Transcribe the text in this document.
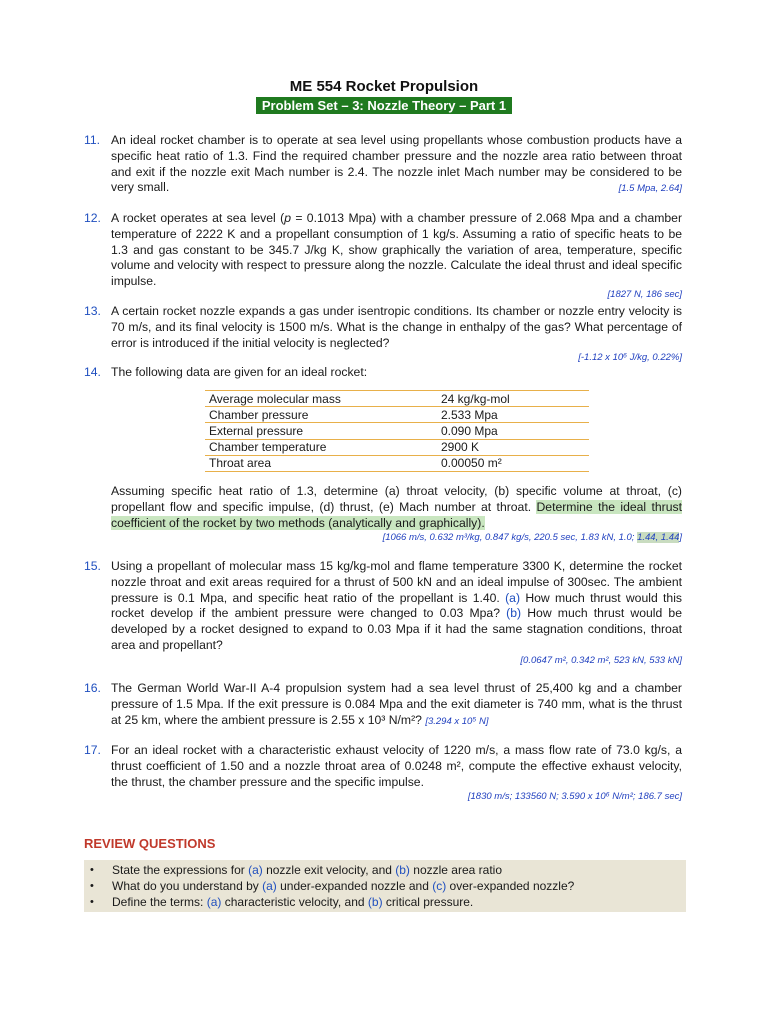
ME 554 Rocket Propulsion
Problem Set – 3: Nozzle Theory – Part 1
11. An ideal rocket chamber is to operate at sea level using propellants whose combustion products have a specific heat ratio of 1.3. Find the required chamber pressure and the nozzle area ratio between throat and exit if the nozzle exit Mach number is 2.4. The nozzle inlet Mach number may be considered to be very small.	[1.5 Mpa, 2.64]
12. A rocket operates at sea level (p = 0.1013 Mpa) with a chamber pressure of 2.068 Mpa and a chamber temperature of 2222 K and a propellant consumption of 1 kg/s. Assuming a ratio of specific heats to be 1.3 and gas constant to be 345.7 J/kg K, show graphically the variation of area, temperature, specific volume and velocity with respect to pressure along the nozzle. Calculate the ideal thrust and ideal specific impulse.
[1827 N, 186 sec]
13. A certain rocket nozzle expands a gas under isentropic conditions. Its chamber or nozzle entry velocity is 70 m/s, and its final velocity is 1500 m/s. What is the change in enthalpy of the gas? What percentage of error is introduced if the initial velocity is neglected?
[-1.12 x 10⁶ J/kg, 0.22%]
14. The following data are given for an ideal rocket:
Average molecular mass	24 kg/kg-mol
Chamber pressure	2.533 Mpa
External pressure	0.090 Mpa
Chamber temperature	2900 K
Throat area	0.00050 m²
Assuming specific heat ratio of 1.3, determine (a) throat velocity, (b) specific volume at throat, (c) propellant flow and specific impulse, (d) thrust, (e) Mach number at throat. Determine the ideal thrust coefficient of the rocket by two methods (analytically and graphically).
[1066 m/s, 0.632 m³/kg, 0.847 kg/s, 220.5 sec, 1.83 kN, 1.0; 1.44, 1.44]
15. Using a propellant of molecular mass 15 kg/kg-mol and flame temperature 3300 K, determine the rocket nozzle throat and exit areas required for a thrust of 500 kN and an ideal impulse of 300sec. The ambient pressure is 0.1 Mpa, and specific heat ratio of the propellant is 1.40. (a) How much thrust would this rocket develop if the ambient pressure were changed to 0.03 Mpa? (b) How much thrust would be developed by a rocket designed to expand to 0.03 Mpa if it had the same stagnation conditions, throat area and propellant?
[0.0647 m², 0.342 m², 523 kN, 533 kN]
16. The German World War-II A-4 propulsion system had a sea level thrust of 25,400 kg and a chamber pressure of 1.5 Mpa. If the exit pressure is 0.084 Mpa and the exit diameter is 740 mm, what is the thrust at 25 km, where the ambient pressure is 2.55 x 10³ N/m²? [3.294 x 10⁵ N]
17. For an ideal rocket with a characteristic exhaust velocity of 1220 m/s, a mass flow rate of 73.0 kg/s, a thrust coefficient of 1.50 and a nozzle throat area of 0.0248 m², compute the effective exhaust velocity, the thrust, the chamber pressure and the specific impulse.
[1830 m/s; 133560 N; 3.590 x 10⁶ N/m²; 186.7 sec]
REVIEW QUESTIONS
• State the expressions for (a) nozzle exit velocity, and (b) nozzle area ratio
• What do you understand by (a) under-expanded nozzle and (c) over-expanded nozzle?
• Define the terms: (a) characteristic velocity, and (b) critical pressure.
